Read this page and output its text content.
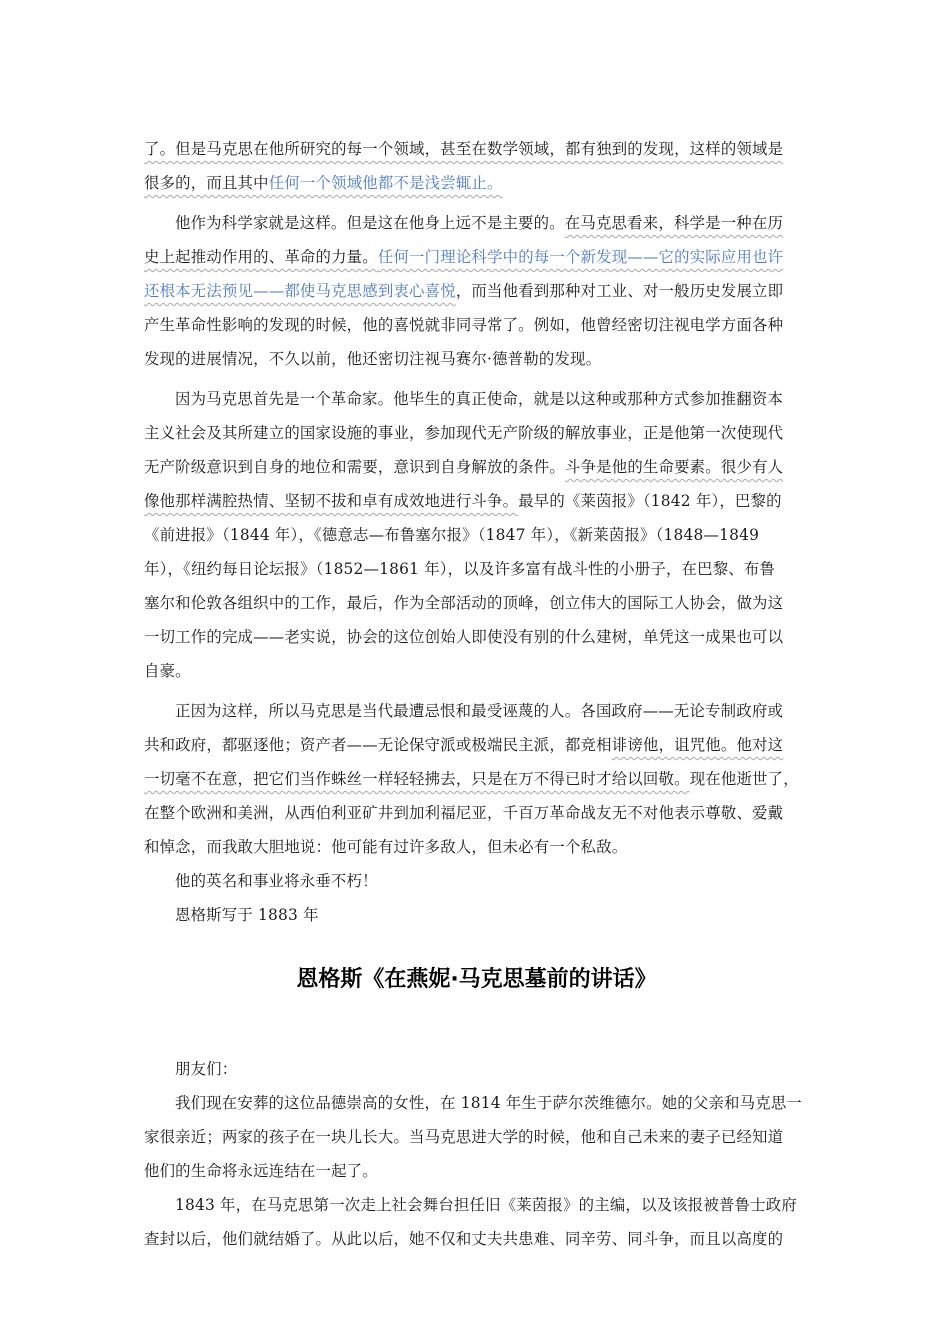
了。但是马克思在他所研究的每一个领域，甚至在数学领域，都有独到的发现，这样的领域是
很多的，而且其中任何一个领域他都不是浅尝辄止。
他作为科学家就是这样。但是这在他身上远不是主要的。在马克思看来，科学是一种在历
史上起推动作用的、革命的力量。任何一门理论科学中的每一个新发现——它的实际应用也许
还根本无法预见——都使马克思感到衷心喜悦，而当他看到那种对工业、对一般历史发展立即
产生革命性影响的发现的时候，他的喜悦就非同寻常了。例如，他曾经密切注视电学方面各种
发现的进展情况，不久以前，他还密切注视马赛尔·德普勒的发现。
因为马克思首先是一个革命家。他毕生的真正使命，就是以这种或那种方式参加推翻资本
主义社会及其所建立的国家设施的事业，参加现代无产阶级的解放事业，正是他第一次使现代
无产阶级意识到自身的地位和需要，意识到自身解放的条件。斗争是他的生命要素。很少有人
像他那样满腔热情、坚韧不拔和卓有成效地进行斗争。最早的《莱茵报》（1842 年），巴黎的
《前进报》（1844 年），《德意志—布鲁塞尔报》（1847 年），《新莱茵报》（1848—1849
年），《纽约每日论坛报》（1852—1861 年），以及许多富有战斗性的小册子，在巴黎、布鲁
塞尔和伦敦各组织中的工作，最后，作为全部活动的顶峰，创立伟大的国际工人协会，做为这
一切工作的完成——老实说，协会的这位创始人即使没有别的什么建树，单凭这一成果也可以
自豪。
正因为这样，所以马克思是当代最遭忌恨和最受诬蔑的人。各国政府——无论专制政府或
共和政府，都驱逐他；资产者——无论保守派或极端民主派，都竞相诽谤他，诅咒他。他对这
一切毫不在意，把它们当作蛛丝一样轻轻拂去，只是在万不得已时才给以回敬。现在他逝世了，
在整个欧洲和美洲，从西伯利亚矿井到加利福尼亚，千百万革命战友无不对他表示尊敬、爱戴
和悼念，而我敢大胆地说：他可能有过许多敌人，但未必有一个私敌。
他的英名和事业将永垂不朽！
恩格斯写于 1883 年
恩格斯《在燕妮·马克思墓前的讲话》
朋友们：
我们现在安葬的这位品德崇高的女性，在 1814 年生于萨尔茨维德尔。她的父亲和马克思一
家很亲近；两家的孩子在一块儿长大。当马克思进大学的时候，他和自己未来的妻子已经知道
他们的生命将永远连结在一起了。
1843 年，在马克思第一次走上社会舞台担任旧《莱茵报》的主编，以及该报被普鲁士政府
查封以后，他们就结婚了。从此以后，她不仅和丈夫共患难、同辛劳、同斗争，而且以高度的
